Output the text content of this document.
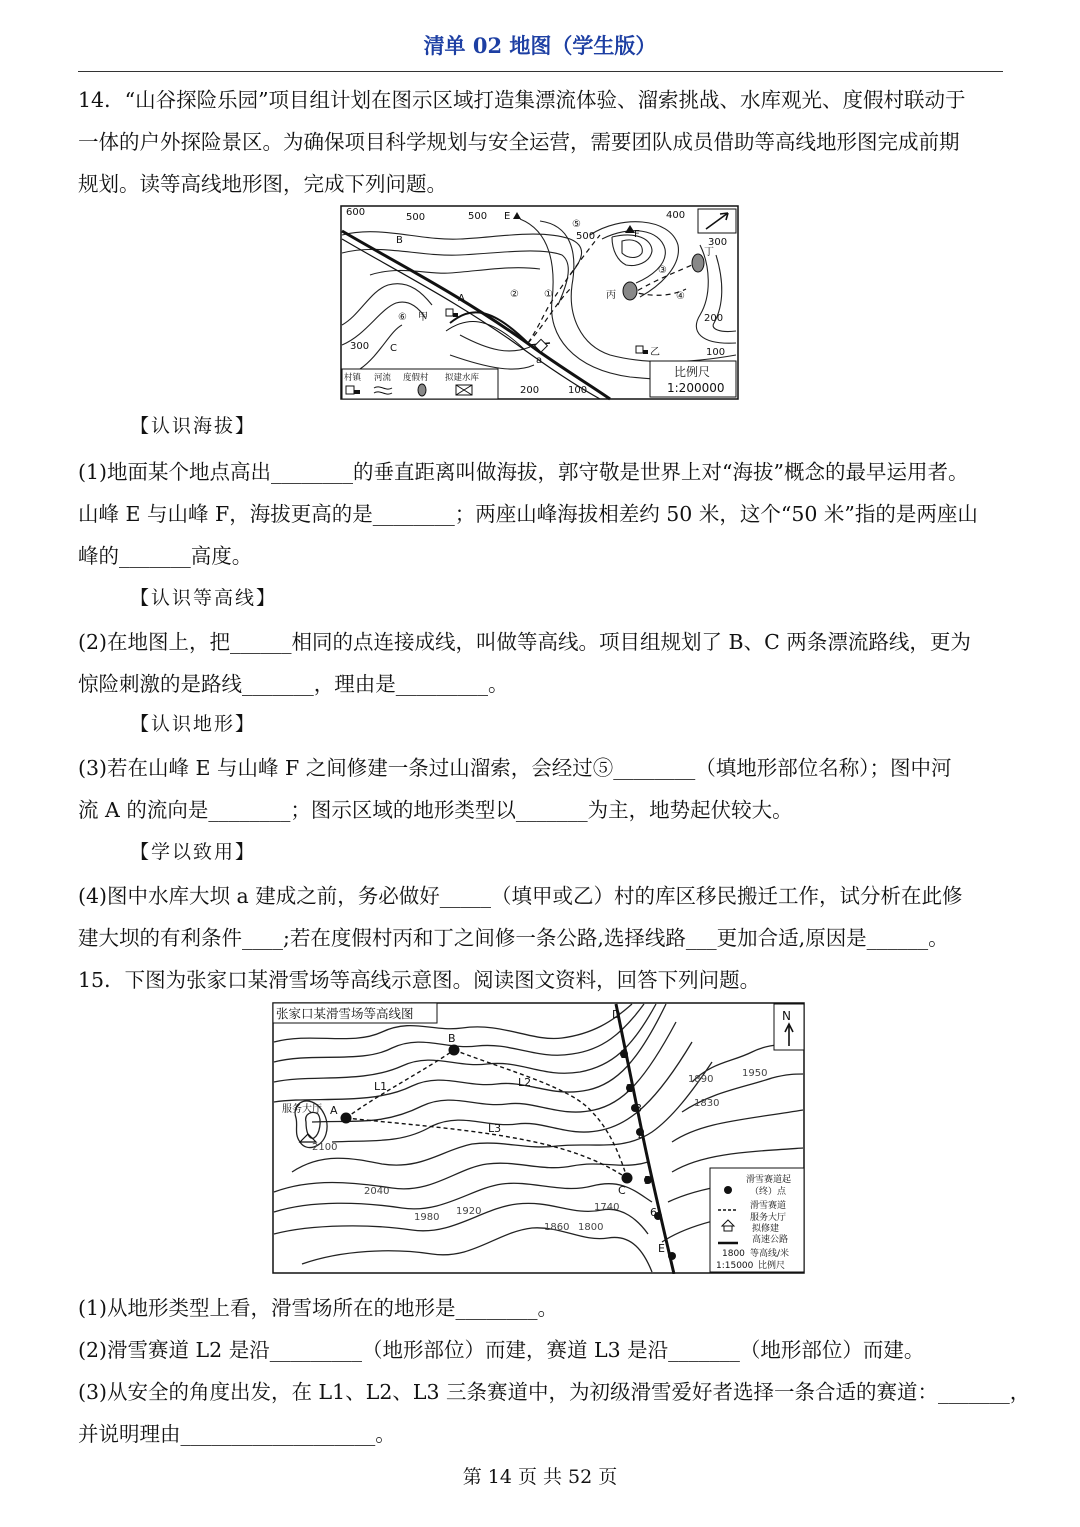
清单 02 地图（学生版）
14．“山谷探险乐园”项目组计划在图示区域打造集漂流体验、溜索挑战、水库观光、度假村联动于
一体的户外探险景区。为确保项目科学规划与安全运营，需要团队成员借助等高线地形图完成前期
规划。读等高线地形图，完成下列问题。
600	500	500
500
400
300
300
200
200
100
100
E
F
B
A
C
a
甲
乙
丙
丁
①
②
③
④
⑤
⑥
村镇 河流 度假村 拟建水库	比例尺
1:200000
【认识海拔】
(1)地面某个地点高出________的垂直距离叫做海拔，郭守敬是世界上对“海拔”概念的最早运用者。
山峰 E 与山峰 F，海拔更高的是________；两座山峰海拔相差约 50 米，这个“50 米”指的是两座山
峰的_______高度。
【认识等高线】
(2)在地图上，把______相同的点连接成线，叫做等高线。项目组规划了 B、C 两条漂流路线，更为
惊险刺激的是路线_______，理由是_________。
【认识地形】
(3)若在山峰 E 与山峰 F 之间修建一条过山溜索，会经过⑤________（填地形部位名称）；图中河
流 A 的流向是________；图示区域的地形类型以_______为主，地势起伏较大。
【学以致用】
(4)图中水库大坝 a 建成之前，务必做好_____（填甲或乙）村的库区移民搬迁工作，试分析在此修
建大坝的有利条件____;若在度假村丙和丁之间修一条公路,选择线路___更加合适,原因是______。
15．下图为张家口某滑雪场等高线示意图。阅读图文资料，回答下列问题。
张家口某滑雪场等高线图	N
1950
1890
1830
2100
2040
1980
1920
1860 1800
1740
A
B
C
D
E
L1	L2
L3
1
2
3
4
5
6
服务大厅
滑雪赛道起
（终）点
滑雪赛道
服务大厅
拟修建
高速公路
1800 等高线/米
1:15000 比例尺
(1)从地形类型上看，滑雪场所在的地形是________。
(2)滑雪赛道 L2 是沿_________（地形部位）而建，赛道 L3 是沿_______（地形部位）而建。
(3)从安全的角度出发，在 L1、L2、L3 三条赛道中，为初级滑雪爱好者选择一条合适的赛道：_______，
并说明理由___________________。
第 14 页 共 52 页
